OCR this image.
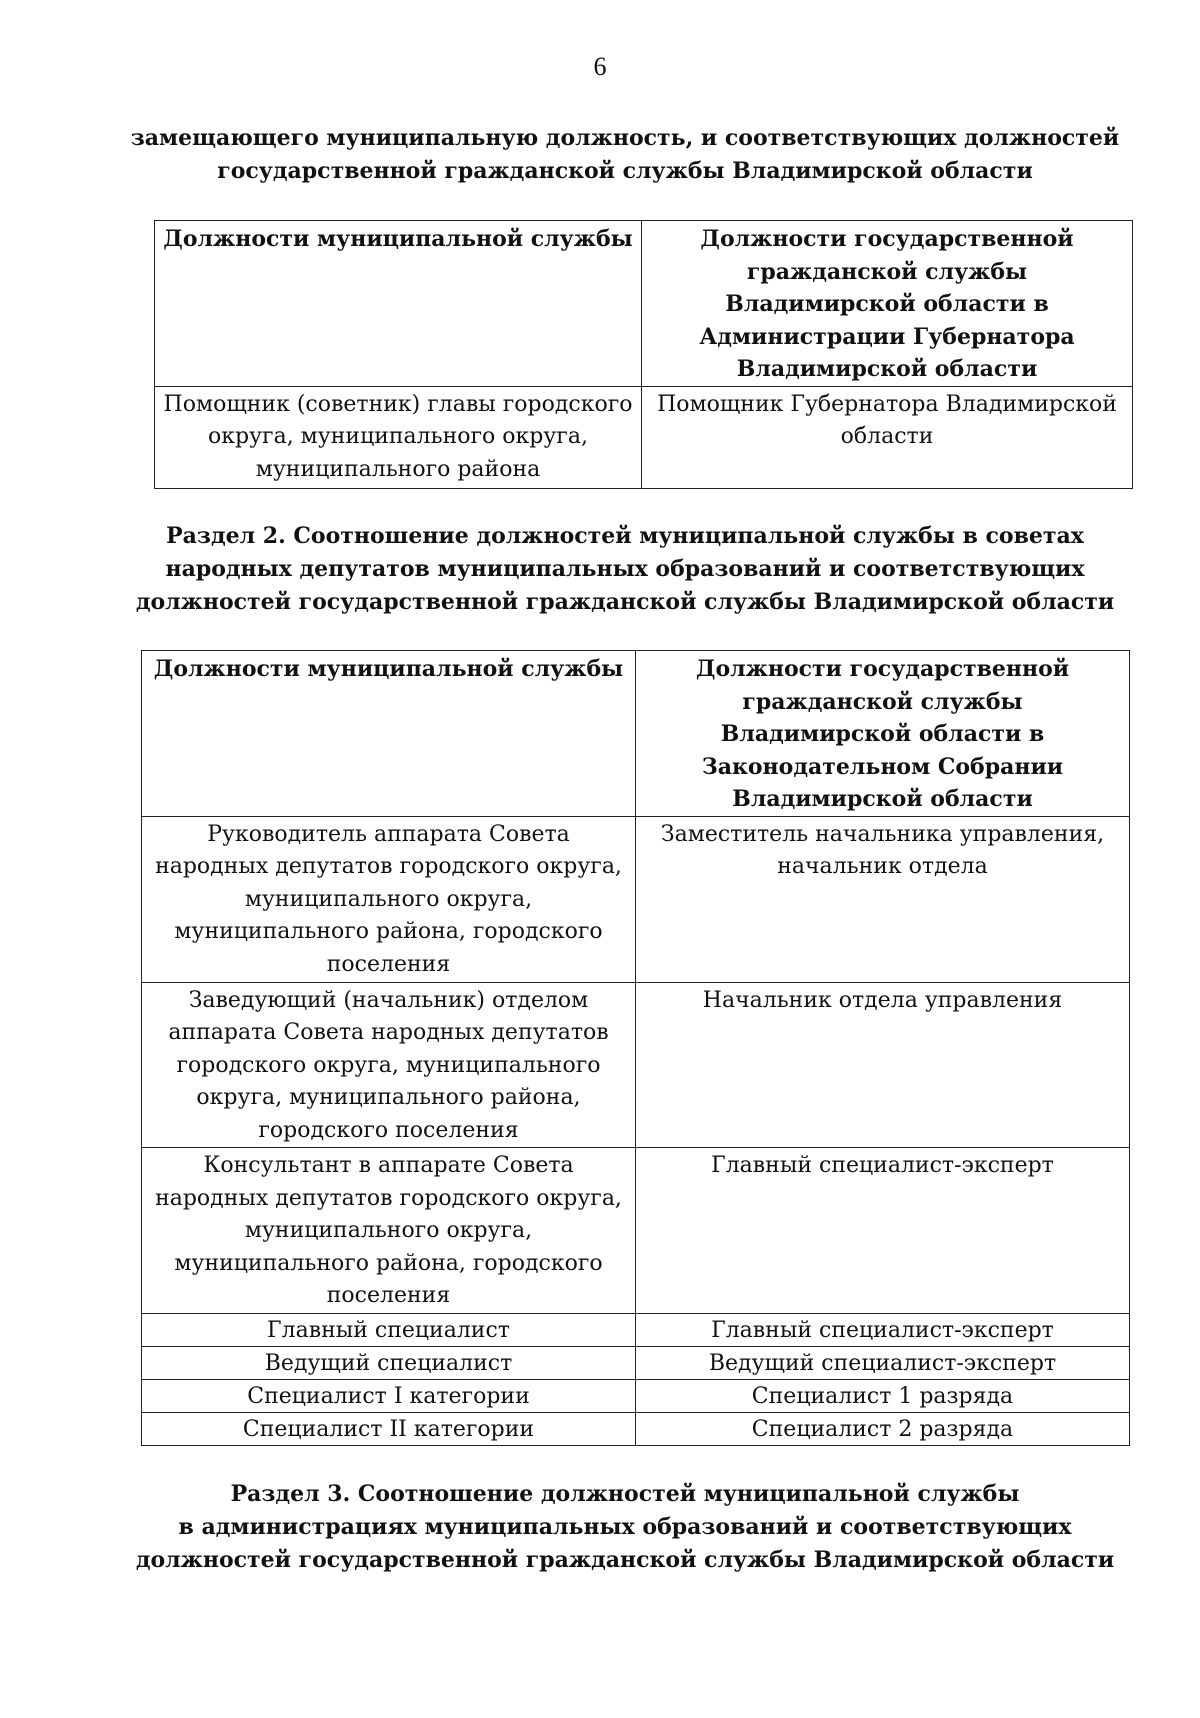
6
замещающего муниципальную должность, и соответствующих должностей
государственной гражданской службы Владимирской области
Должности муниципальной службы	Должности государственной гражданской службы Владимирской области в Администрации Губернатора Владимирской области
Помощник (советник) главы городского округа, муниципального округа, муниципального района	Помощник Губернатора Владимирской области
Раздел 2. Соотношение должностей муниципальной службы в советах
народных депутатов муниципальных образований и соответствующих
должностей государственной гражданской службы Владимирской области
Должности муниципальной службы	Должности государственной гражданской службы Владимирской области в Законодательном Собрании Владимирской области
Руководитель аппарата Совета народных депутатов городского округа, муниципального округа, муниципального района, городского поселения	Заместитель начальника управления, начальник отдела
Заведующий (начальник) отделом аппарата Совета народных депутатов городского округа, муниципального округа, муниципального района, городского поселения	Начальник отдела управления
Консультант в аппарате Совета народных депутатов городского округа, муниципального округа, муниципального района, городского поселения	Главный специалист-эксперт
Главный специалист	Главный специалист-эксперт
Ведущий специалист	Ведущий специалист-эксперт
Специалист I категории	Специалист 1 разряда
Специалист II категории	Специалист 2 разряда
Раздел 3. Соотношение должностей муниципальной службы
в администрациях муниципальных образований и соответствующих
должностей государственной гражданской службы Владимирской области
